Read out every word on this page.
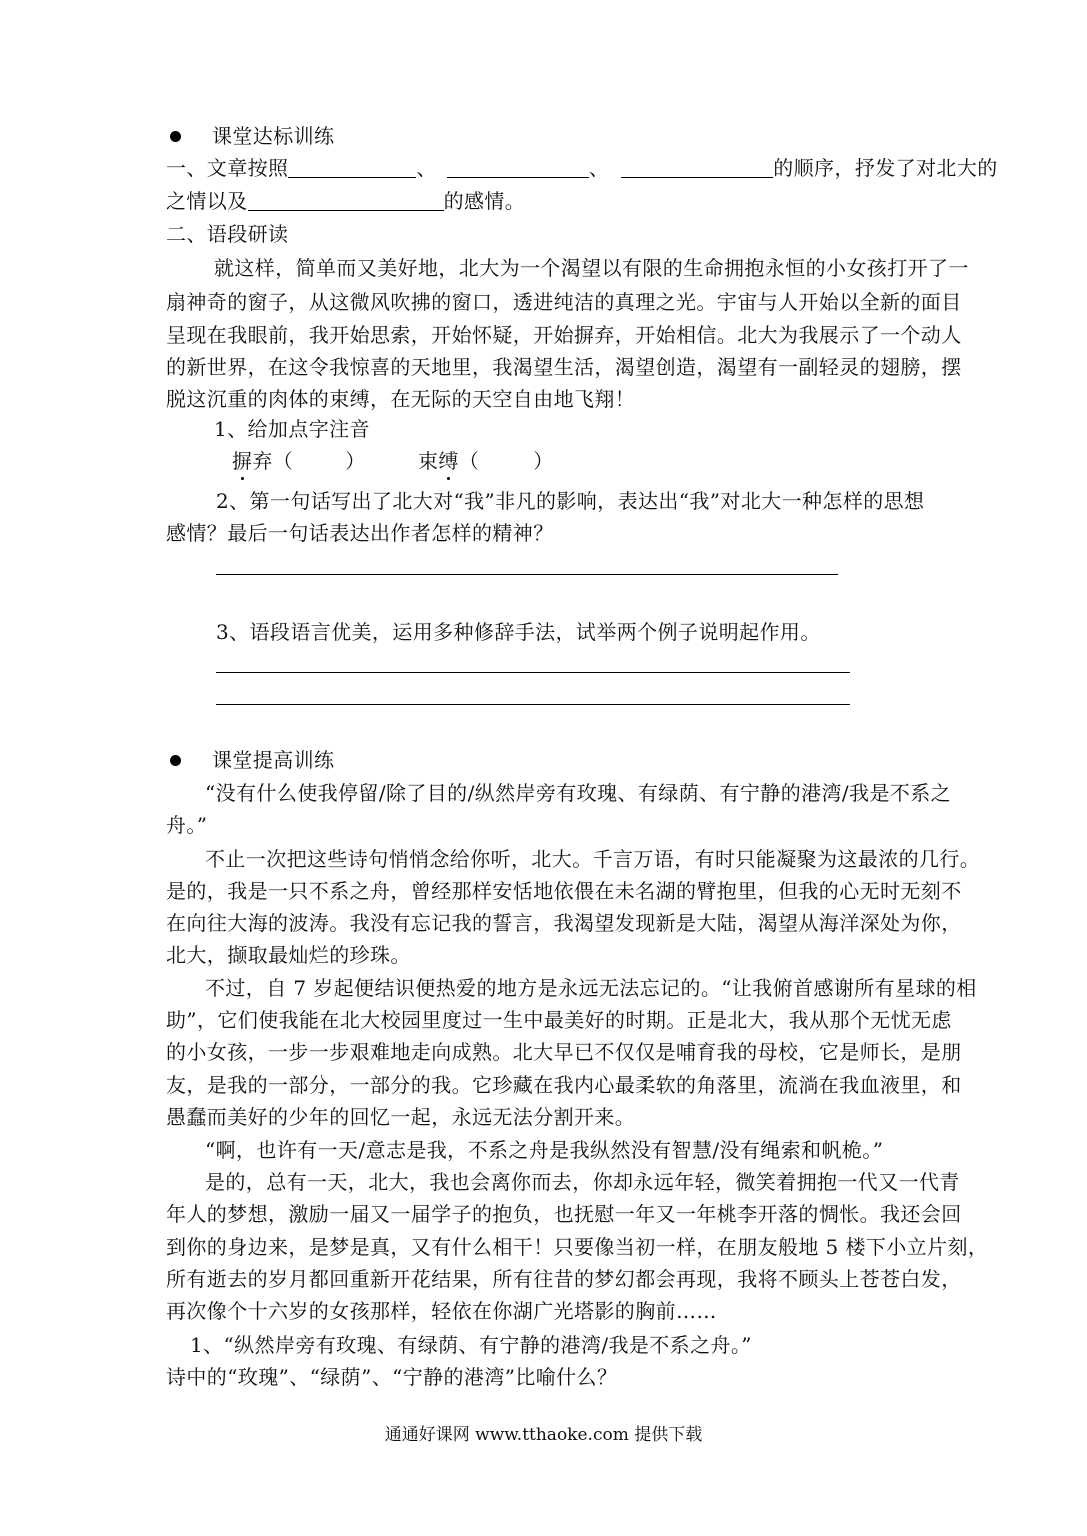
课堂达标训练
一、文章按照	、	、	的顺序，抒发了对北大的
之情以及	的感情。
二、语段研读
就这样，简单而又美好地，北大为一个渴望以有限的生命拥抱永恒的小女孩打开了一
扇神奇的窗子，从这微风吹拂的窗口，透进纯洁的真理之光。宇宙与人开始以全新的面目
呈现在我眼前，我开始思索，开始怀疑，开始摒弃，开始相信。北大为我展示了一个动人
的新世界，在这令我惊喜的天地里，我渴望生活，渴望创造，渴望有一副轻灵的翅膀，摆
脱这沉重的肉体的束缚，在无际的天空自由地飞翔！
1、给加点字注音
摒弃（	）	束缚（	）
2、第一句话写出了北大对“我”非凡的影响，表达出“我”对北大一种怎样的思想
感情？最后一句话表达出作者怎样的精神？
3、语段语言优美，运用多种修辞手法，试举两个例子说明起作用。
课堂提高训练
“没有什么使我停留/除了目的/纵然岸旁有玫瑰、有绿荫、有宁静的港湾/我是不系之
舟。”
不止一次把这些诗句悄悄念给你听，北大。千言万语，有时只能凝聚为这最浓的几行。
是的，我是一只不系之舟，曾经那样安恬地依偎在未名湖的臂抱里，但我的心无时无刻不
在向往大海的波涛。我没有忘记我的誓言，我渴望发现新是大陆，渴望从海洋深处为你，
北大，撷取最灿烂的珍珠。
不过，自 7 岁起便结识便热爱的地方是永远无法忘记的。“让我俯首感谢所有星球的相
助”，它们使我能在北大校园里度过一生中最美好的时期。正是北大，我从那个无忧无虑
的小女孩，一步一步艰难地走向成熟。北大早已不仅仅是哺育我的母校，它是师长，是朋
友，是我的一部分，一部分的我。它珍藏在我内心最柔软的角落里，流淌在我血液里，和
愚蠢而美好的少年的回忆一起，永远无法分割开来。
“啊，也许有一天/意志是我，不系之舟是我纵然没有智慧/没有绳索和帆桅。”
是的，总有一天，北大，我也会离你而去，你却永远年轻，微笑着拥抱一代又一代青
年人的梦想，激励一届又一届学子的抱负，也抚慰一年又一年桃李开落的惆怅。我还会回
到你的身边来，是梦是真，又有什么相干！只要像当初一样，在朋友般地 5 楼下小立片刻，
所有逝去的岁月都回重新开花结果，所有往昔的梦幻都会再现，我将不顾头上苍苍白发，
再次像个十六岁的女孩那样，轻依在你湖广光塔影的胸前……
1、“纵然岸旁有玫瑰、有绿荫、有宁静的港湾/我是不系之舟。”
诗中的“玫瑰”、“绿荫”、“宁静的港湾”比喻什么？
通通好课网 www.tthaoke.com 提供下载
